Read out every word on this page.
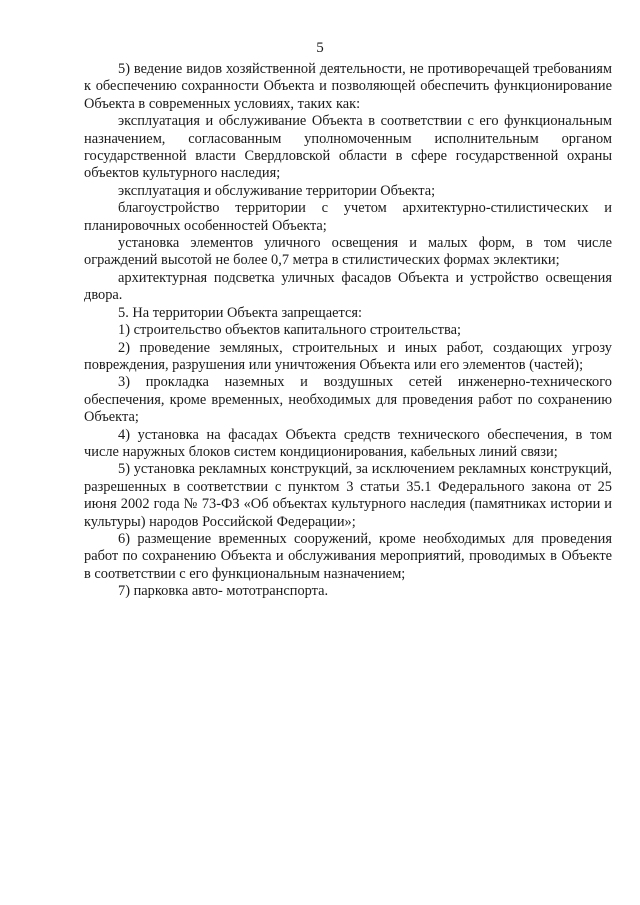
5

5) ведение видов хозяйственной деятельности, не противоречащей требованиям к обеспечению сохранности Объекта и позволяющей обеспечить функционирование Объекта в современных условиях, таких как:

эксплуатация и обслуживание Объекта в соответствии с его функциональным назначением, согласованным уполномоченным исполнительным органом государственной власти Свердловской области в сфере государственной охраны объектов культурного наследия;

эксплуатация и обслуживание территории Объекта;

благоустройство территории с учетом архитектурно-стилистических и планировочных особенностей Объекта;

установка элементов уличного освещения и малых форм, в том числе ограждений высотой не более 0,7 метра в стилистических формах эклектики;

архитектурная подсветка уличных фасадов Объекта и устройство освещения двора.

5. На территории Объекта запрещается:

1) строительство объектов капитального строительства;

2) проведение земляных, строительных и иных работ, создающих угрозу повреждения, разрушения или уничтожения Объекта или его элементов (частей);

3) прокладка наземных и воздушных сетей инженерно-технического обеспечения, кроме временных, необходимых для проведения работ по сохранению Объекта;

4) установка на фасадах Объекта средств технического обеспечения, в том числе наружных блоков систем кондиционирования, кабельных линий связи;

5) установка рекламных конструкций, за исключением рекламных конструкций, разрешенных в соответствии с пунктом 3 статьи 35.1 Федерального закона от 25 июня 2002 года № 73-ФЗ «Об объектах культурного наследия (памятниках истории и культуры) народов Российской Федерации»;

6) размещение временных сооружений, кроме необходимых для проведения работ по сохранению Объекта и обслуживания мероприятий, проводимых в Объекте в соответствии с его функциональным назначением;

7) парковка авто- мототранспорта.
